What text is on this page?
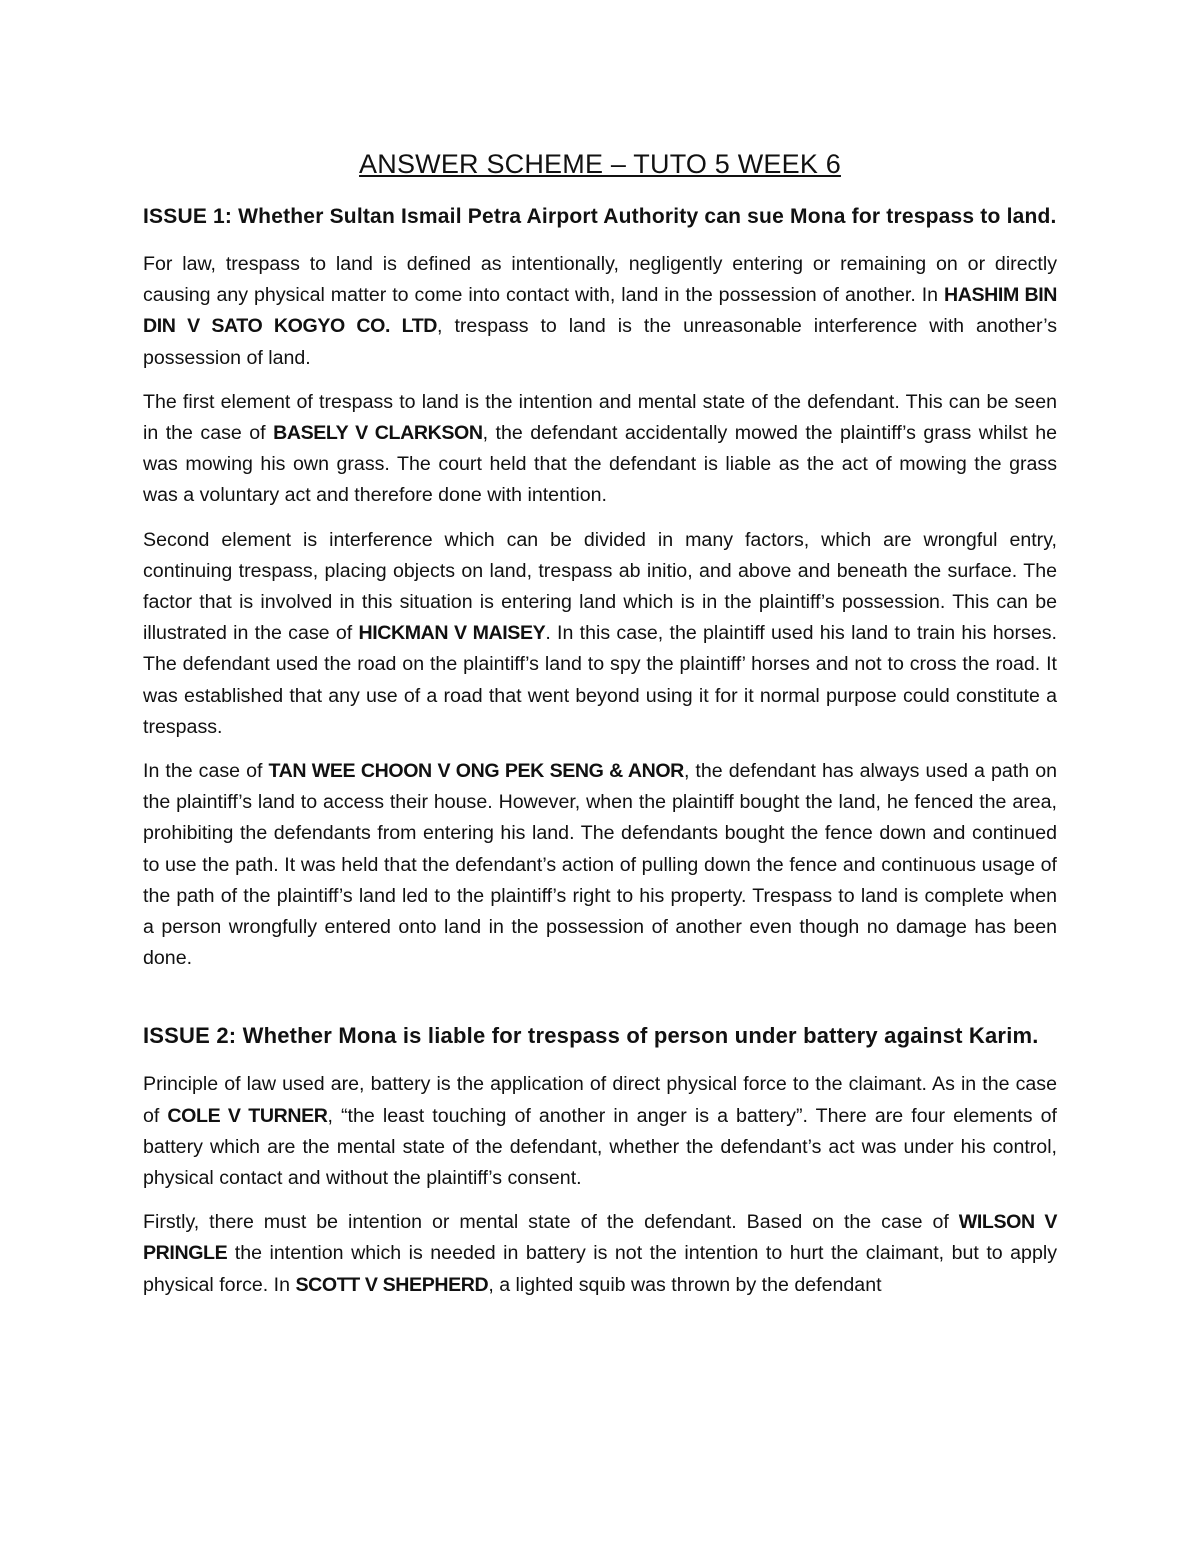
ANSWER SCHEME – TUTO 5 WEEK 6
ISSUE 1: Whether Sultan Ismail Petra Airport Authority can sue Mona for trespass to land.

For law, trespass to land is defined as intentionally, negligently entering or remaining on or directly causing any physical matter to come into contact with, land in the possession of another. In HASHIM BIN DIN V SATO KOGYO CO. LTD, trespass to land is the unreasonable interference with another’s possession of land.

The first element of trespass to land is the intention and mental state of the defendant. This can be seen in the case of BASELY V CLARKSON, the defendant accidentally mowed the plaintiff’s grass whilst he was mowing his own grass. The court held that the defendant is liable as the act of mowing the grass was a voluntary act and therefore done with intention.

Second element is interference which can be divided in many factors, which are wrongful entry, continuing trespass, placing objects on land, trespass ab initio, and above and beneath the surface. The factor that is involved in this situation is entering land which is in the plaintiff’s possession. This can be illustrated in the case of HICKMAN V MAISEY. In this case, the plaintiff used his land to train his horses. The defendant used the road on the plaintiff’s land to spy the plaintiff’ horses and not to cross the road. It was established that any use of a road that went beyond using it for it normal purpose could constitute a trespass.

In the case of TAN WEE CHOON V ONG PEK SENG & ANOR, the defendant has always used a path on the plaintiff’s land to access their house. However, when the plaintiff bought the land, he fenced the area, prohibiting the defendants from entering his land. The defendants bought the fence down and continued to use the path. It was held that the defendant’s action of pulling down the fence and continuous usage of the path of the plaintiff’s land led to the plaintiff’s right to his property. Trespass to land is complete when a person wrongfully entered onto land in the possession of another even though no damage has been done.

ISSUE 2: Whether Mona is liable for trespass of person under battery against Karim.

Principle of law used are, battery is the application of direct physical force to the claimant. As in the case of COLE V TURNER, “the least touching of another in anger is a battery”. There are four elements of battery which are the mental state of the defendant, whether the defendant’s act was under his control, physical contact and without the plaintiff’s consent.

Firstly, there must be intention or mental state of the defendant. Based on the case of WILSON V PRINGLE the intention which is needed in battery is not the intention to hurt the claimant, but to apply physical force. In SCOTT V SHEPHERD, a lighted squib was thrown by the defendant
